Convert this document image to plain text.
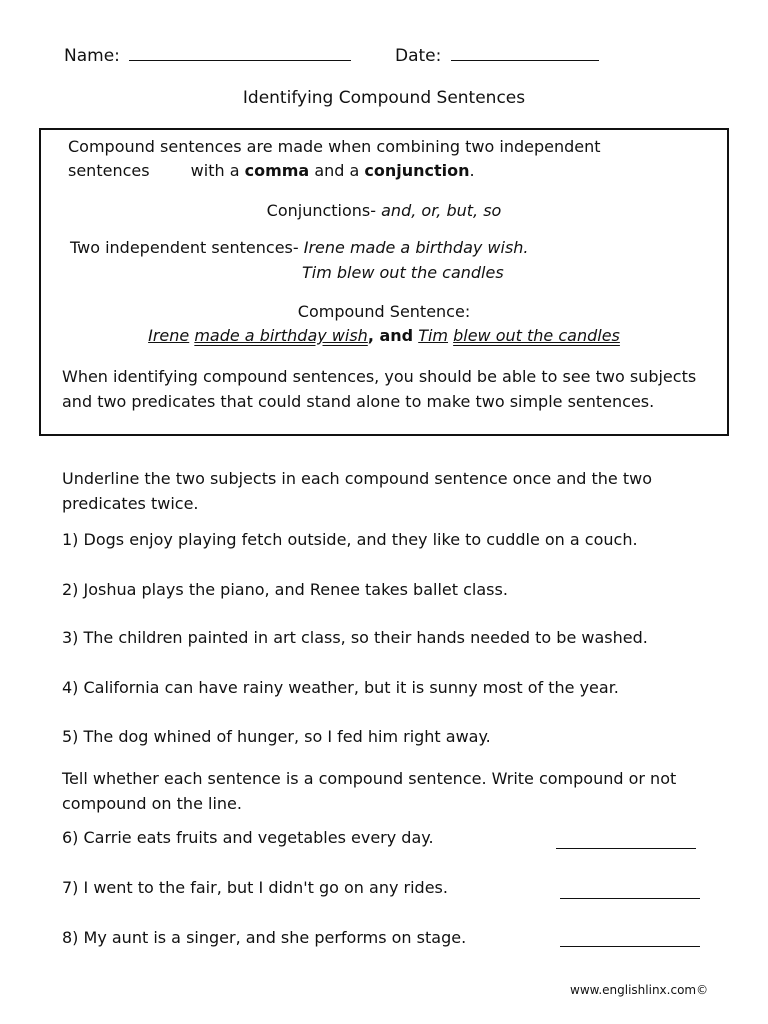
Name:	Date:
Identifying Compound Sentences
Compound sentences are made when combining two independent
sentences	with a comma and a conjunction.
Conjunctions- and, or, but, so
Two independent sentences- Irene made a birthday wish.
Tim blew out the candles
Compound Sentence:
Irene made a birthday wish, and Tim blew out the candles
When identifying compound sentences, you should be able to see two subjects and two predicates that could stand alone to make two simple sentences.
Underline the two subjects in each compound sentence once and the two predicates twice.
1) Dogs enjoy playing fetch outside, and they like to cuddle on a couch.
2) Joshua plays the piano, and Renee takes ballet class.
3) The children painted in art class, so their hands needed to be washed.
4) California can have rainy weather, but it is sunny most of the year.
5) The dog whined of hunger, so I fed him right away.
Tell whether each sentence is a compound sentence. Write compound or not compound on the line.
6) Carrie eats fruits and vegetables every day.
7) I went to the fair, but I didn't go on any rides.
8) My aunt is a singer, and she performs on stage.
www.englishlinx.com©
